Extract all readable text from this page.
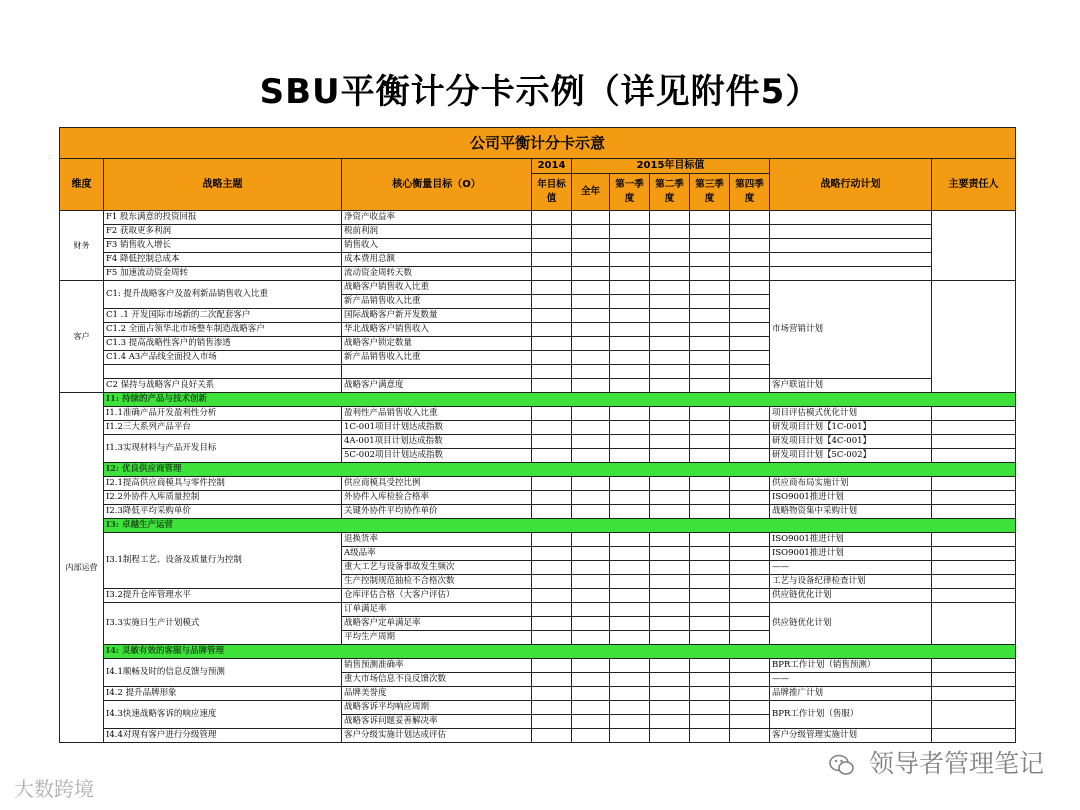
SBU平衡计分卡示例（详见附件5）
公司平衡计分卡示意										
维度	战略主题	核心衡量目标（O）	2014	2015年目标值					战略行动计划	主要责任人
			年目标值	全年	第一季度	第二季度	第三季度	第四季度		
财务	F1 股东满意的投资回报	净资产收益率								
	F2 获取更多利润	税前利润								
	F3 销售收入增长	销售收入								
	F4 降低控制总成本	成本费用总额								
	F5 加速流动资金周转	流动资金周转天数								
客户	C1: 提升战略客户及盈利新品销售收入比重	战略客户销售收入比重							市场营销计划	
		新产品销售收入比重								
	C1 .1 开发国际市场新的二次配套客户	国际战略客户新开发数量								
	C1.2 全面占领华北市场整车制造战略客户	华北战略客户销售收入								
	C1.3 提高战略性客户的销售渗透	战略客户锁定数量								
	C1.4 A3产品线全面投入市场	新产品销售收入比重								

	C2 保持与战略客户良好关系	战略客户满意度							客户联谊计划	
内部运营	I1: 持续的产品与技术创新									
	I1.1准确产品开发盈利性分析	盈利性产品销售收入比重							项目评估模式优化计划	
	I1.2三大系列产品平台	1C-001项目计划达成指数							研发项目计划【1C-001】	
	I1.3实现材料与产品开发目标	4A-001项目计划达成指数							研发项目计划【4C-001】	
		5C-002项目计划达成指数							研发项目计划【5C-002】	
	I2: 优良供应商管理									
	I2.1提高供应商模具与零件控制	供应商模具受控比例							供应商布局实施计划	
	I2.2外协件入库质量控制	外协件入库检验合格率							ISO9001推进计划	
	I2.3降低平均采购单价	关键外协件平均协作单价							战略物资集中采购计划	
	I3: 卓越生产运营									
	I3.1制程工艺、设备及质量行为控制	退换货率							ISO9001推进计划	
		A级品率							ISO9001推进计划	
		重大工艺与设备事故发生频次							——	
		生产控制规范抽检不合格次数							工艺与设备纪律检查计划	
	I3.2提升仓库管理水平	仓库评估合格（大客户评估）							供应链优化计划	
	I3.3实施日生产计划模式	订单满足率							供应链优化计划	
		战略客户定单满足率								
		平均生产周期								
	I4: 灵敏有效的客服与品牌管理									
	I4.1顺畅及时的信息反馈与预测	销售预测准确率							BPR工作计划（销售预测）	
		重大市场信息不良反馈次数							——	
	I4.2 提升品牌形象	品牌美誉度							品牌推广计划	
	I4.3快速战略客诉的响应速度	战略客诉平均响应周期							BPR工作计划（售服）	
		战略客诉问题妥善解决率								
	I4.4对现有客户进行分级管理	客户分级实施计划达成评估							客户分级管理实施计划	
大数跨境
领导者管理笔记
